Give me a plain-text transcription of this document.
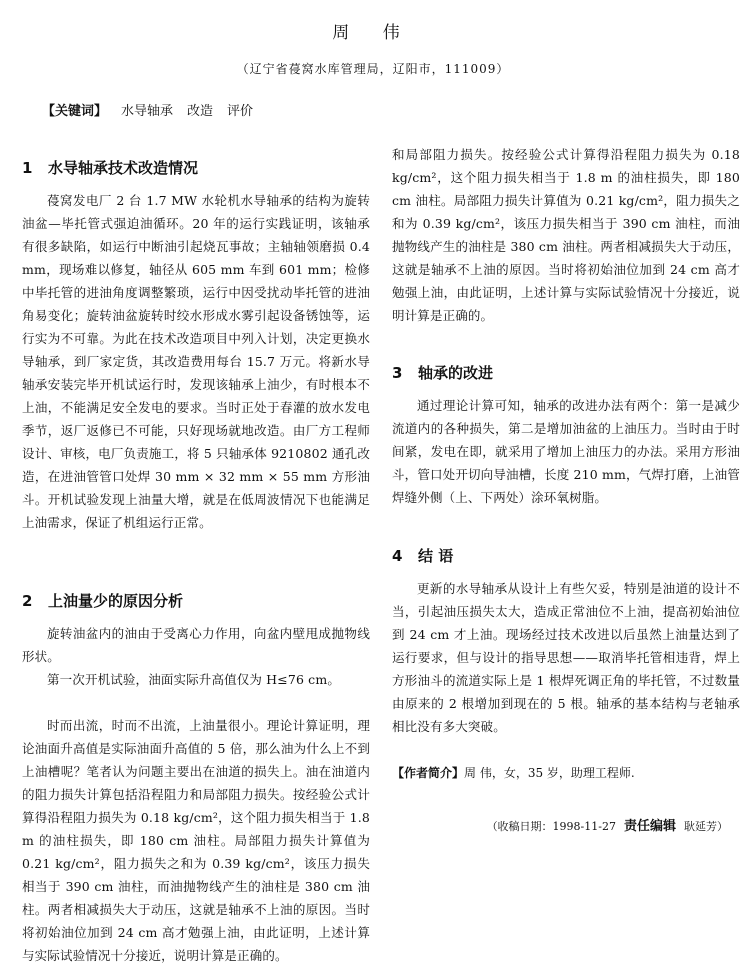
周 伟
（辽宁省葠窝水库管理局，辽阳市，111009）
【关键词】 水导轴承 改造 评价
1 水导轴承技术改造情况

葠窝发电厂 2 台 1.7 MW 水轮机水导轴承的结构为旋转油盆—毕托管式强迫油循环。20 年的运行实践证明，该轴承有很多缺陷，如运行中断油引起烧瓦事故；主轴轴领磨损 0.4 mm，现场难以修复，轴径从 605 mm 车到 601 mm；检修中毕托管的进油角度调整繁琐，运行中因受扰动毕托管的进油角易变化；旋转油盆旋转时绞水形成水雾引起设备锈蚀等，运行实为不可靠。为此在技术改造项目中列入计划，决定更换水导轴承，到厂家定货，其改造费用每台 15.7 万元。将新水导轴承安装完毕开机试运行时，发现该轴承上油少，有时根本不上油，不能满足安全发电的要求。当时正处于春灌的放水发电季节，返厂返修已不可能，只好现场就地改造。由厂方工程师设计、审核，电厂负责施工，将 5 只轴承体 9210802 通孔改造，在进油管管口处焊 30 mm × 32 mm × 55 mm 方形油斗。开机试验发现上油量大增，就是在低周波情况下也能满足上油需求，保证了机组运行正常。

2 上油量少的原因分析

旋转油盆内的油由于受离心力作用，向盆内壁甩成抛物线形状。

第一次开机试验，油面实际升高值仅为 H≤76 cm。

时而出流，时而不出流，上油量很小。理论计算证明，理论油面升高值是实际油面升高值的 5 倍，那么油为什么上不到上油槽呢？笔者认为问题主要出在油道的损失上。油在油道内的阻力损失计算包括沿程阻力和局部阻力损失。按经验公式计算得沿程阻力损失为 0.18 kg/cm²，这个阻力损失相当于 1.8 m 的油柱损失，即 180 cm 油柱。局部阻力损失计算值为 0.21 kg/cm²，阻力损失之和为 0.39 kg/cm²，该压力损失相当于 390 cm 油柱，而油抛物线产生的油柱是 380 cm 油柱。两者相减损失大于动压，这就是轴承不上油的原因。当时将初始油位加到 24 cm 高才勉强上油，由此证明，上述计算与实际试验情况十分接近，说明计算是正确的。

和局部阻力损失。按经验公式计算得沿程阻力损失为 0.18 kg/cm²，这个阻力损失相当于 1.8 m 的油柱损失，即 180 cm 油柱。局部阻力损失计算值为 0.21 kg/cm²，阻力损失之和为 0.39 kg/cm²，该压力损失相当于 390 cm 油柱，而油抛物线产生的油柱是 380 cm 油柱。两者相减损失大于动压，这就是轴承不上油的原因。当时将初始油位加到 24 cm 高才勉强上油，由此证明，上述计算与实际试验情况十分接近，说明计算是正确的。

3 轴承的改进

通过理论计算可知，轴承的改进办法有两个：第一是减少流道内的各种损失，第二是增加油盆的上油压力。当时由于时间紧，发电在即，就采用了增加上油压力的办法。采用方形油斗，管口处开切向导油槽，长度 210 mm，气焊打磨，上油管焊缝外侧（上、下两处）涂环氧树脂。

4 结 语

更新的水导轴承从设计上有些欠妥，特别是油道的设计不当，引起油压损失太大，造成正常油位不上油，提高初始油位到 24 cm 才上油。现场经过技术改进以后虽然上油量达到了运行要求，但与设计的指导思想——取消毕托管相违背，焊上方形油斗的流道实际上是 1 根焊死调正角的毕托管，不过数量由原来的 2 根增加到现在的 5 根。轴承的基本结构与老轴承相比没有多大突破。

【作者简介】周 伟，女，35 岁，助理工程师.
（收稿日期：1998-11-27 责任编辑 耿延芳）
